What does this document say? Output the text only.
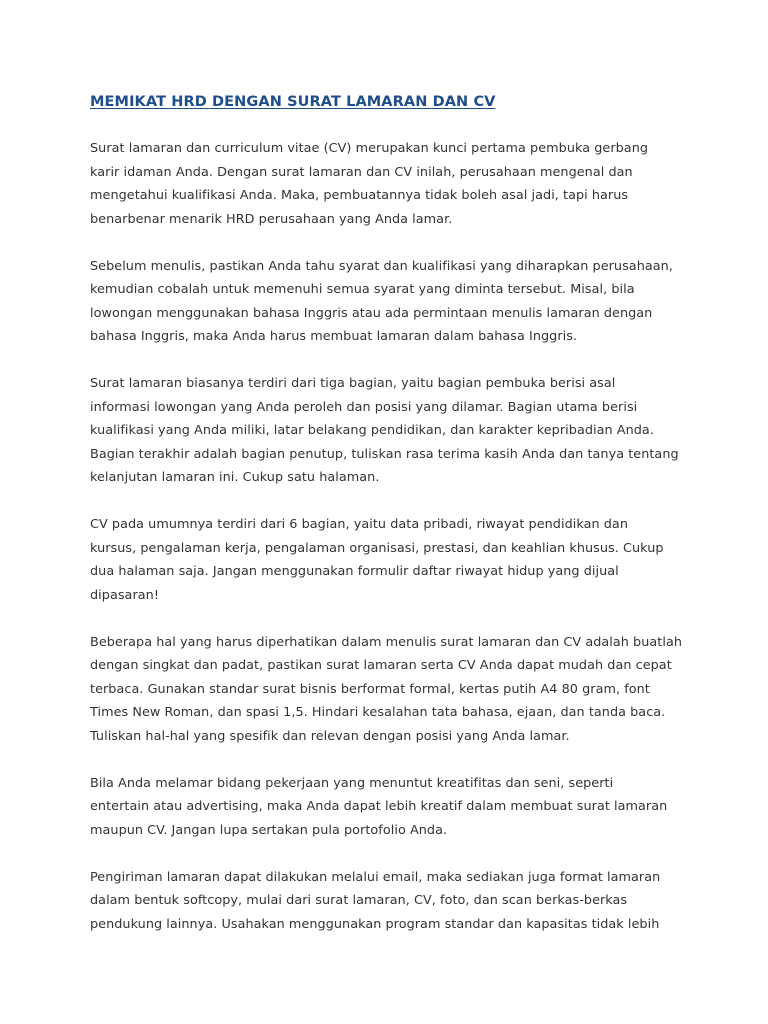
MEMIKAT HRD DENGAN SURAT LAMARAN DAN CV

Surat lamaran dan curriculum vitae (CV) merupakan kunci pertama pembuka gerbang
karir idaman Anda. Dengan surat lamaran dan CV inilah, perusahaan mengenal dan
mengetahui kualifikasi Anda. Maka, pembuatannya tidak boleh asal jadi, tapi harus
benarbenar menarik HRD perusahaan yang Anda lamar.

Sebelum menulis, pastikan Anda tahu syarat dan kualifikasi yang diharapkan perusahaan,
kemudian cobalah untuk memenuhi semua syarat yang diminta tersebut. Misal, bila
lowongan menggunakan bahasa Inggris atau ada permintaan menulis lamaran dengan
bahasa Inggris, maka Anda harus membuat lamaran dalam bahasa Inggris.

Surat lamaran biasanya terdiri dari tiga bagian, yaitu bagian pembuka berisi asal
informasi lowongan yang Anda peroleh dan posisi yang dilamar. Bagian utama berisi
kualifikasi yang Anda miliki, latar belakang pendidikan, dan karakter kepribadian Anda.
Bagian terakhir adalah bagian penutup, tuliskan rasa terima kasih Anda dan tanya tentang
kelanjutan lamaran ini. Cukup satu halaman.

CV pada umumnya terdiri dari 6 bagian, yaitu data pribadi, riwayat pendidikan dan
kursus, pengalaman kerja, pengalaman organisasi, prestasi, dan keahlian khusus. Cukup
dua halaman saja. Jangan menggunakan formulir daftar riwayat hidup yang dijual
dipasaran!

Beberapa hal yang harus diperhatikan dalam menulis surat lamaran dan CV adalah buatlah
dengan singkat dan padat, pastikan surat lamaran serta CV Anda dapat mudah dan cepat
terbaca. Gunakan standar surat bisnis berformat formal, kertas putih A4 80 gram, font
Times New Roman, dan spasi 1,5. Hindari kesalahan tata bahasa, ejaan, dan tanda baca.
Tuliskan hal-hal yang spesifik dan relevan dengan posisi yang Anda lamar.

Bila Anda melamar bidang pekerjaan yang menuntut kreatifitas dan seni, seperti
entertain atau advertising, maka Anda dapat lebih kreatif dalam membuat surat lamaran
maupun CV. Jangan lupa sertakan pula portofolio Anda.

Pengiriman lamaran dapat dilakukan melalui email, maka sediakan juga format lamaran
dalam bentuk softcopy, mulai dari surat lamaran, CV, foto, dan scan berkas-berkas
pendukung lainnya. Usahakan menggunakan program standar dan kapasitas tidak lebih
